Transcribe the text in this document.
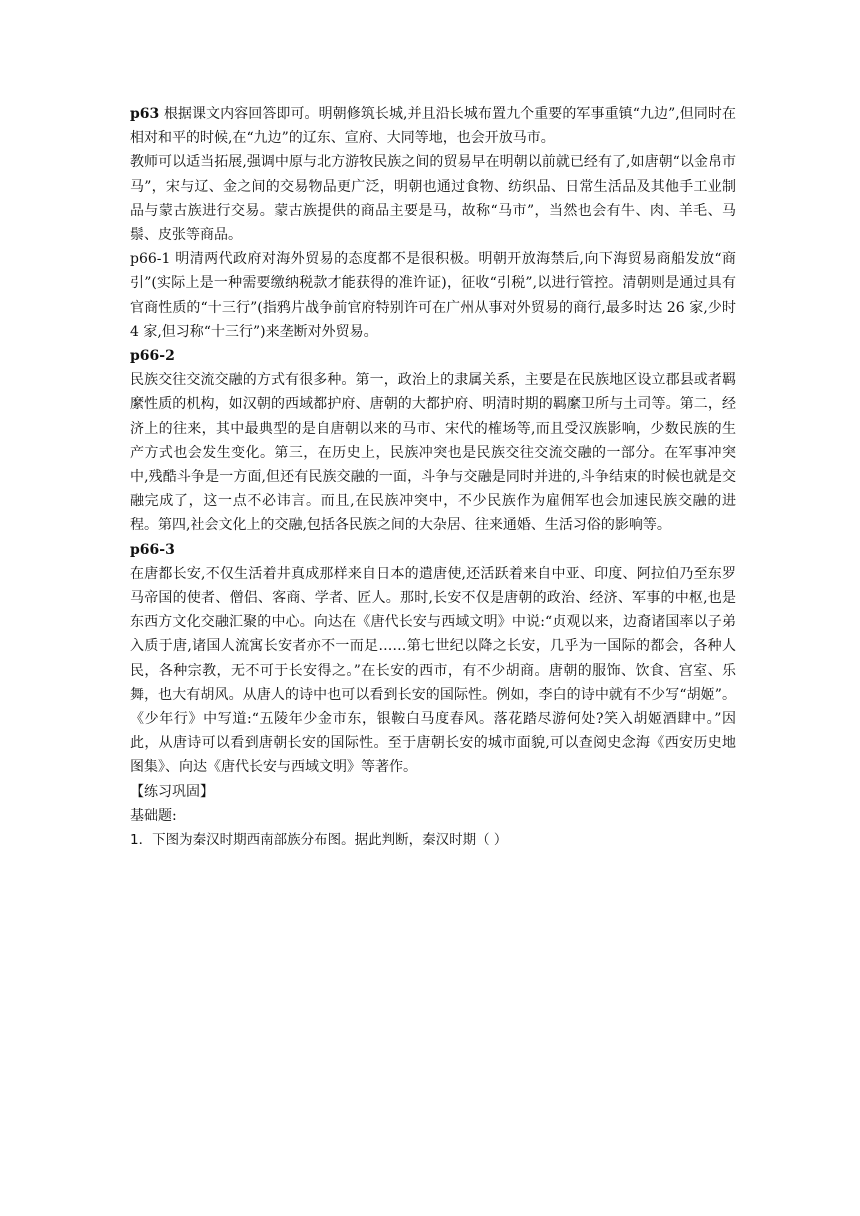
p63 根据课文内容回答即可。明朝修筑长城,并且沿长城布置九个重要的军事重镇“九边”,但同时在相对和平的时候,在“九边”的辽东、宣府、大同等地，也会开放马市。

教师可以适当拓展,强调中原与北方游牧民族之间的贸易早在明朝以前就已经有了,如唐朝“以金帛市马”，宋与辽、金之间的交易物品更广泛，明朝也通过食物、纺织品、日常生活品及其他手工业制品与蒙古族进行交易。蒙古族提供的商品主要是马，故称“马市”，当然也会有牛、肉、羊毛、马鬃、皮张等商品。

p66-1 明清两代政府对海外贸易的态度都不是很积极。明朝开放海禁后,向下海贸易商船发放“商引”(实际上是一种需要缴纳税款才能获得的准许证)，征收“引税”,以进行管控。清朝则是通过具有官商性质的“十三行”(指鸦片战争前官府特别许可在广州从事对外贸易的商行,最多时达 26 家,少时 4 家,但习称“十三行”)来垄断对外贸易。

p66-2

民族交往交流交融的方式有很多种。第一，政治上的隶属关系，主要是在民族地区设立郡县或者羁縻性质的机构，如汉朝的西域都护府、唐朝的大都护府、明清时期的羁縻卫所与土司等。第二，经济上的往来，其中最典型的是自唐朝以来的马市、宋代的榷场等,而且受汉族影响，少数民族的生产方式也会发生变化。第三，在历史上，民族冲突也是民族交往交流交融的一部分。在军事冲突中,残酷斗争是一方面,但还有民族交融的一面，斗争与交融是同时并进的,斗争结束的时候也就是交融完成了，这一点不必讳言。而且,在民族冲突中，不少民族作为雇佣军也会加速民族交融的进程。第四,社会文化上的交融,包括各民族之间的大杂居、往来通婚、生活习俗的影响等。

p66-3

在唐都长安,不仅生活着井真成那样来自日本的遣唐使,还活跃着来自中亚、印度、阿拉伯乃至东罗马帝国的使者、僧侣、客商、学者、匠人。那时,长安不仅是唐朝的政治、经济、军事的中枢,也是东西方文化交融汇聚的中心。向达在《唐代长安与西域文明》中说:“贞观以来，边裔诸国率以子弟入质于唐,诸国人流寓长安者亦不一而足……第七世纪以降之长安，几乎为一国际的都会，各种人民，各种宗教，无不可于长安得之。”在长安的西市，有不少胡商。唐朝的服饰、饮食、宫室、乐舞，也大有胡风。从唐人的诗中也可以看到长安的国际性。例如，李白的诗中就有不少写“胡姬”。《少年行》中写道:“五陵年少金市东，银鞍白马度春风。落花踏尽游何处?笑入胡姬酒肆中。”因此，从唐诗可以看到唐朝长安的国际性。至于唐朝长安的城市面貌,可以查阅史念海《西安历史地图集》、向达《唐代长安与西域文明》等著作。

【练习巩固】

基础题:

1．下图为秦汉时期西南部族分布图。据此判断，秦汉时期（ ）
